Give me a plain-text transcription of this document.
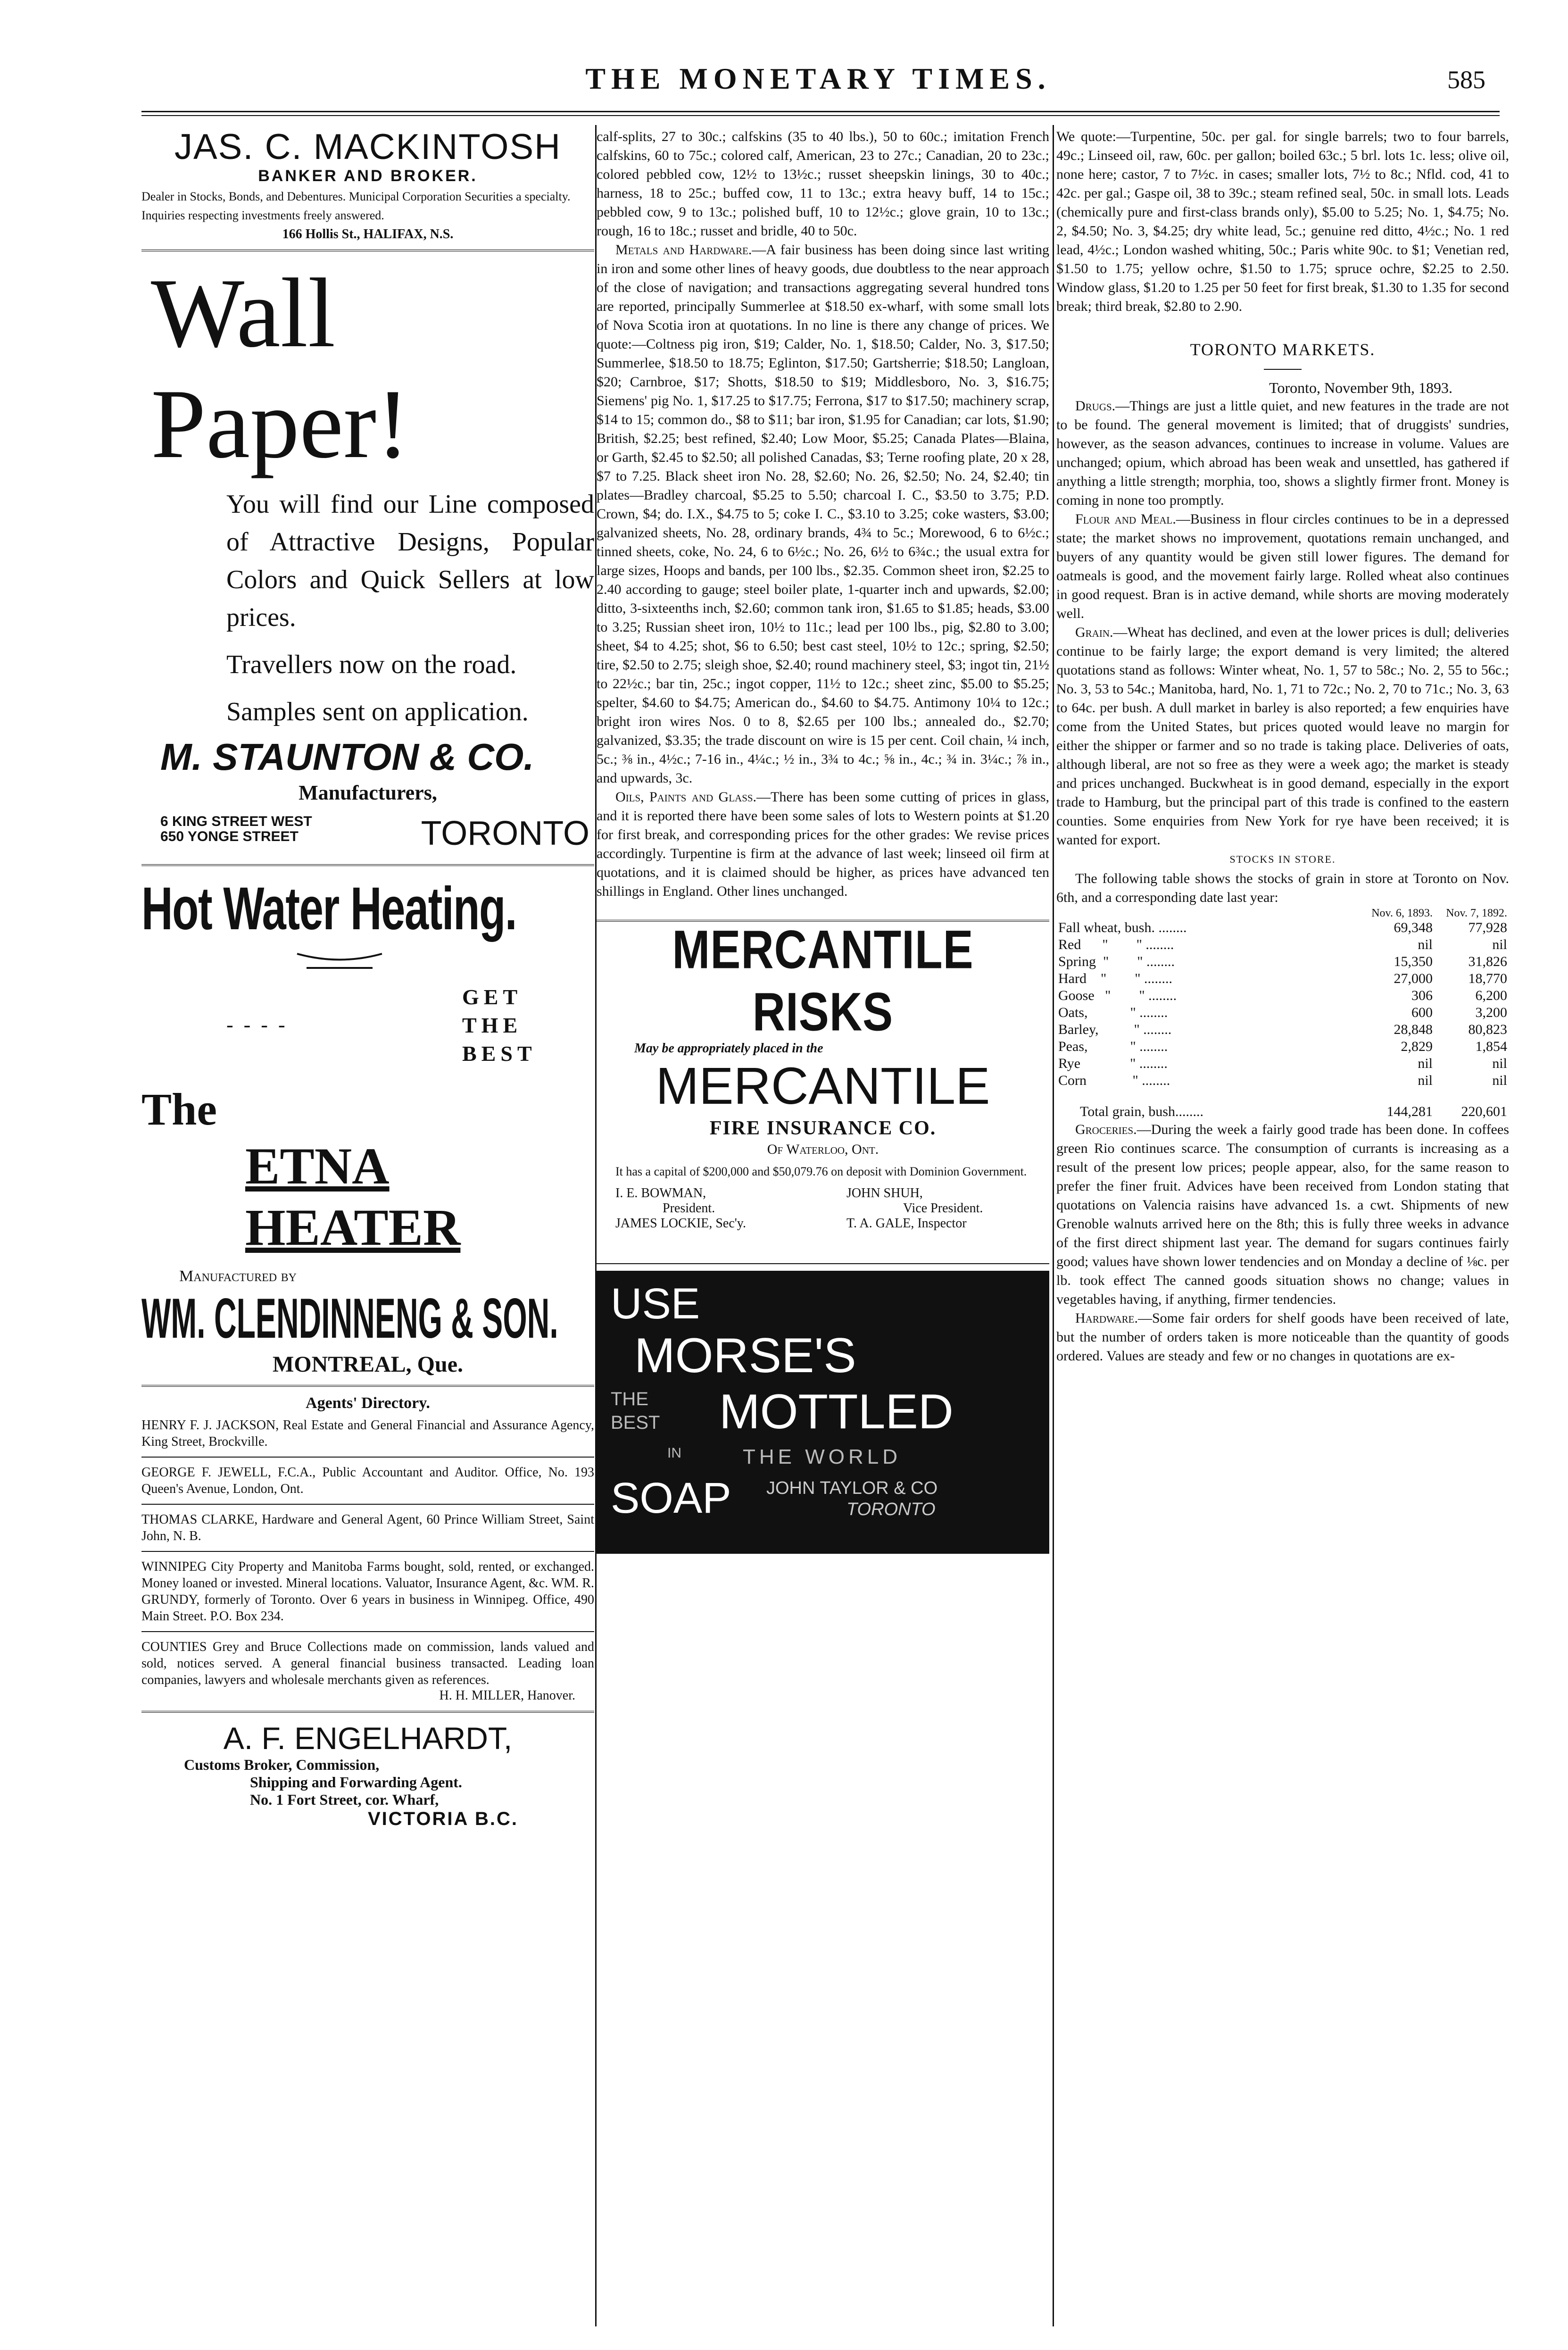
THE MONETARY TIMES.	585
JAS. C. MACKINTOSH
BANKER AND BROKER.

Dealer in Stocks, Bonds, and Debentures. Municipal Corporation Securities a specialty.

Inquiries respecting investments freely answered.

166 Hollis St., HALIFAX, N.S.
Wall
Paper!

You will find our Line composed of Attractive Designs, Popular Colors and Quick Sellers at low prices.

Travellers now on the road.

Samples sent on application.

M. STAUNTON & CO.
Manufacturers,
6 KING STREET WEST
650 YONGE STREET	TORONTO
Hot Water Heating.
----
GET
THE
BEST
The
ETNA
HEATER
Manufactured by
WM. CLENDINNENG & SON.
MONTREAL, Que.
Agents' Directory.

HENRY F. J. JACKSON, Real Estate and General Financial and Assurance Agency, King Street, Brockville.

GEORGE F. JEWELL, F.C.A., Public Accountant and Auditor. Office, No. 193 Queen's Avenue, London, Ont.

THOMAS CLARKE, Hardware and General Agent, 60 Prince William Street, Saint John, N. B.

WINNIPEG City Property and Manitoba Farms bought, sold, rented, or exchanged. Money loaned or invested. Mineral locations. Valuator, Insurance Agent, &c. WM. R. GRUNDY, formerly of Toronto. Over 6 years in business in Winnipeg. Office, 490 Main Street. P.O. Box 234.

COUNTIES Grey and Bruce Collections made on commission, lands valued and sold, notices served. A general financial business transacted. Leading loan companies, lawyers and wholesale merchants given as references.

H. H. MILLER, Hanover.
A. F. ENGELHARDT,
Customs Broker, Commission,
Shipping and Forwarding Agent.
No. 1 Fort Street, cor. Wharf,
VICTORIA B.C.

calf-splits, 27 to 30c.; calfskins (35 to 40 lbs.), 50 to 60c.; imitation French calfskins, 60 to 75c.; colored calf, American, 23 to 27c.; Canadian, 20 to 23c.; colored pebbled cow, 12½ to 13½c.; russet sheepskin linings, 30 to 40c.; harness, 18 to 25c.; buffed cow, 11 to 13c.; extra heavy buff, 14 to 15c.; pebbled cow, 9 to 13c.; polished buff, 10 to 12½c.; glove grain, 10 to 13c.; rough, 16 to 18c.; russet and bridle, 40 to 50c.

Metals and Hardware.—A fair business has been doing since last writing in iron and some other lines of heavy goods, due doubtless to the near approach of the close of navigation; and transactions aggregating several hundred tons are reported, principally Summerlee at $18.50 ex-wharf, with some small lots of Nova Scotia iron at quotations. In no line is there any change of prices. We quote:—Coltness pig iron, $19; Calder, No. 1, $18.50; Calder, No. 3, $17.50; Summerlee, $18.50 to 18.75; Eglinton, $17.50; Gartsherrie; $18.50; Langloan, $20; Carnbroe, $17; Shotts, $18.50 to $19; Middlesboro, No. 3, $16.75; Siemens' pig No. 1, $17.25 to $17.75; Ferrona, $17 to $17.50; machinery scrap, $14 to 15; common do., $8 to $11; bar iron, $1.95 for Canadian; car lots, $1.90; British, $2.25; best refined, $2.40; Low Moor, $5.25; Canada Plates—Blaina, or Garth, $2.45 to $2.50; all polished Canadas, $3; Terne roofing plate, 20 x 28, $7 to 7.25. Black sheet iron No. 28, $2.60; No. 26, $2.50; No. 24, $2.40; tin plates—Bradley charcoal, $5.25 to 5.50; charcoal I. C., $3.50 to 3.75; P.D. Crown, $4; do. I.X., $4.75 to 5; coke I. C., $3.10 to 3.25; coke wasters, $3.00; galvanized sheets, No. 28, ordinary brands, 4¾ to 5c.; Morewood, 6 to 6½c.; tinned sheets, coke, No. 24, 6 to 6½c.; No. 26, 6½ to 6¾c.; the usual extra for large sizes, Hoops and bands, per 100 lbs., $2.35. Common sheet iron, $2.25 to 2.40 according to gauge; steel boiler plate, 1-quarter inch and upwards, $2.00; ditto, 3-sixteenths inch, $2.60; common tank iron, $1.65 to $1.85; heads, $3.00 to 3.25; Russian sheet iron, 10½ to 11c.; lead per 100 lbs., pig, $2.80 to 3.00; sheet, $4 to 4.25; shot, $6 to 6.50; best cast steel, 10½ to 12c.; spring, $2.50; tire, $2.50 to 2.75; sleigh shoe, $2.40; round machinery steel, $3; ingot tin, 21½ to 22½c.; bar tin, 25c.; ingot copper, 11½ to 12c.; sheet zinc, $5.00 to $5.25; spelter, $4.60 to $4.75; American do., $4.60 to $4.75. Antimony 10¼ to 12c.; bright iron wires Nos. 0 to 8, $2.65 per 100 lbs.; annealed do., $2.70; galvanized, $3.35; the trade discount on wire is 15 per cent. Coil chain, ¼ inch, 5c.; ⅜ in., 4½c.; 7-16 in., 4¼c.; ½ in., 3¾ to 4c.; ⅝ in., 4c.; ¾ in. 3¼c.; ⅞ in., and upwards, 3c.

Oils, Paints and Glass.—There has been some cutting of prices in glass, and it is reported there have been some sales of lots to Western points at $1.20 for first break, and corresponding prices for the other grades: We revise prices accordingly. Turpentine is firm at the advance of last week; linseed oil firm at quotations, and it is claimed should be higher, as prices have advanced ten shillings in England. Other lines unchanged.

MERCANTILE RISKS
May be appropriately placed in the
MERCANTILE
FIRE INSURANCE CO.
Of Waterloo, Ont.

It has a capital of $200,000 and $50,079.76 on deposit with Dominion Government.

I. E. BOWMAN,
President.
JOHN SHUH,
Vice President.
JAMES LOCKIE, Sec'y.	T. A. GALE, Inspector
USE
MORSE'S
THE
BEST MOTTLED
IN	THE WORLD
SOAP JOHN TAYLOR & CO
TORONTO

We quote:—Turpentine, 50c. per gal. for single barrels; two to four barrels, 49c.; Linseed oil, raw, 60c. per gallon; boiled 63c.; 5 brl. lots 1c. less; olive oil, none here; castor, 7 to 7½c. in cases; smaller lots, 7½ to 8c.; Nfld. cod, 41 to 42c. per gal.; Gaspe oil, 38 to 39c.; steam refined seal, 50c. in small lots. Leads (chemically pure and first-class brands only), $5.00 to 5.25; No. 1, $4.75; No. 2, $4.50; No. 3, $4.25; dry white lead, 5c.; genuine red ditto, 4½c.; No. 1 red lead, 4½c.; London washed whiting, 50c.; Paris white 90c. to $1; Venetian red, $1.50 to 1.75; yellow ochre, $1.50 to 1.75; spruce ochre, $2.25 to 2.50. Window glass, $1.20 to 1.25 per 50 feet for first break, $1.30 to 1.35 for second break; third break, $2.80 to 2.90.

TORONTO MARKETS.
Toronto, November 9th, 1893.

Drugs.—Things are just a little quiet, and new features in the trade are not to be found. The general movement is limited; that of druggists' sundries, however, as the season advances, continues to increase in volume. Values are unchanged; opium, which abroad has been weak and unsettled, has gathered if anything a little strength; morphia, too, shows a slightly firmer front. Money is coming in none too promptly.

Flour and Meal.—Business in flour circles continues to be in a depressed state; the market shows no improvement, quotations remain unchanged, and buyers of any quantity would be given still lower figures. The demand for oatmeals is good, and the movement fairly large. Rolled wheat also continues in good request. Bran is in active demand, while shorts are moving moderately well.

Grain.—Wheat has declined, and even at the lower prices is dull; deliveries continue to be fairly large; the export demand is very limited; the altered quotations stand as follows: Winter wheat, No. 1, 57 to 58c.; No. 2, 55 to 56c.; No. 3, 53 to 54c.; Manitoba, hard, No. 1, 71 to 72c.; No. 2, 70 to 71c.; No. 3, 63 to 64c. per bush. A dull market in barley is also reported; a few enquiries have come from the United States, but prices quoted would leave no margin for either the shipper or farmer and so no trade is taking place. Deliveries of oats, although liberal, are not so free as they were a week ago; the market is steady and prices unchanged. Buckwheat is in good demand, especially in the export trade to Hamburg, but the principal part of this trade is confined to the eastern counties. Some enquiries from New York for rye have been received; it is wanted for export.

STOCKS IN STORE.

The following table shows the stocks of grain in store at Toronto on Nov. 6th, and a corresponding date last year:

	Nov. 6, 1893.	Nov. 7, 1892.
Fall wheat, bush. ........	69,348	77,928
Red      "        " ........	nil	nil
Spring  "        " ........	15,350	31,826
Hard    "        " ........	27,000	18,770
Goose   "        " ........	306	6,200
Oats,            " ........	600	3,200
Barley,          " ........	28,848	80,823
Peas,            " ........	2,829	1,854
Rye              " ........	nil	nil
Corn             " ........	nil	nil

Total grain, bush........	144,281	220,601

Groceries.—During the week a fairly good trade has been done. In coffees green Rio continues scarce. The consumption of currants is increasing as a result of the present low prices; people appear, also, for the same reason to prefer the finer fruit. Advices have been received from London stating that quotations on Valencia raisins have advanced 1s. a cwt. Shipments of new Grenoble walnuts arrived here on the 8th; this is fully three weeks in advance of the first direct shipment last year. The demand for sugars continues fairly good; values have shown lower tendencies and on Monday a decline of ⅛c. per lb. took effect The canned goods situation shows no change; values in vegetables having, if anything, firmer tendencies.

Hardware.—Some fair orders for shelf goods have been received of late, but the number of orders taken is more noticeable than the quantity of goods ordered. Values are steady and few or no changes in quotations are ex-
